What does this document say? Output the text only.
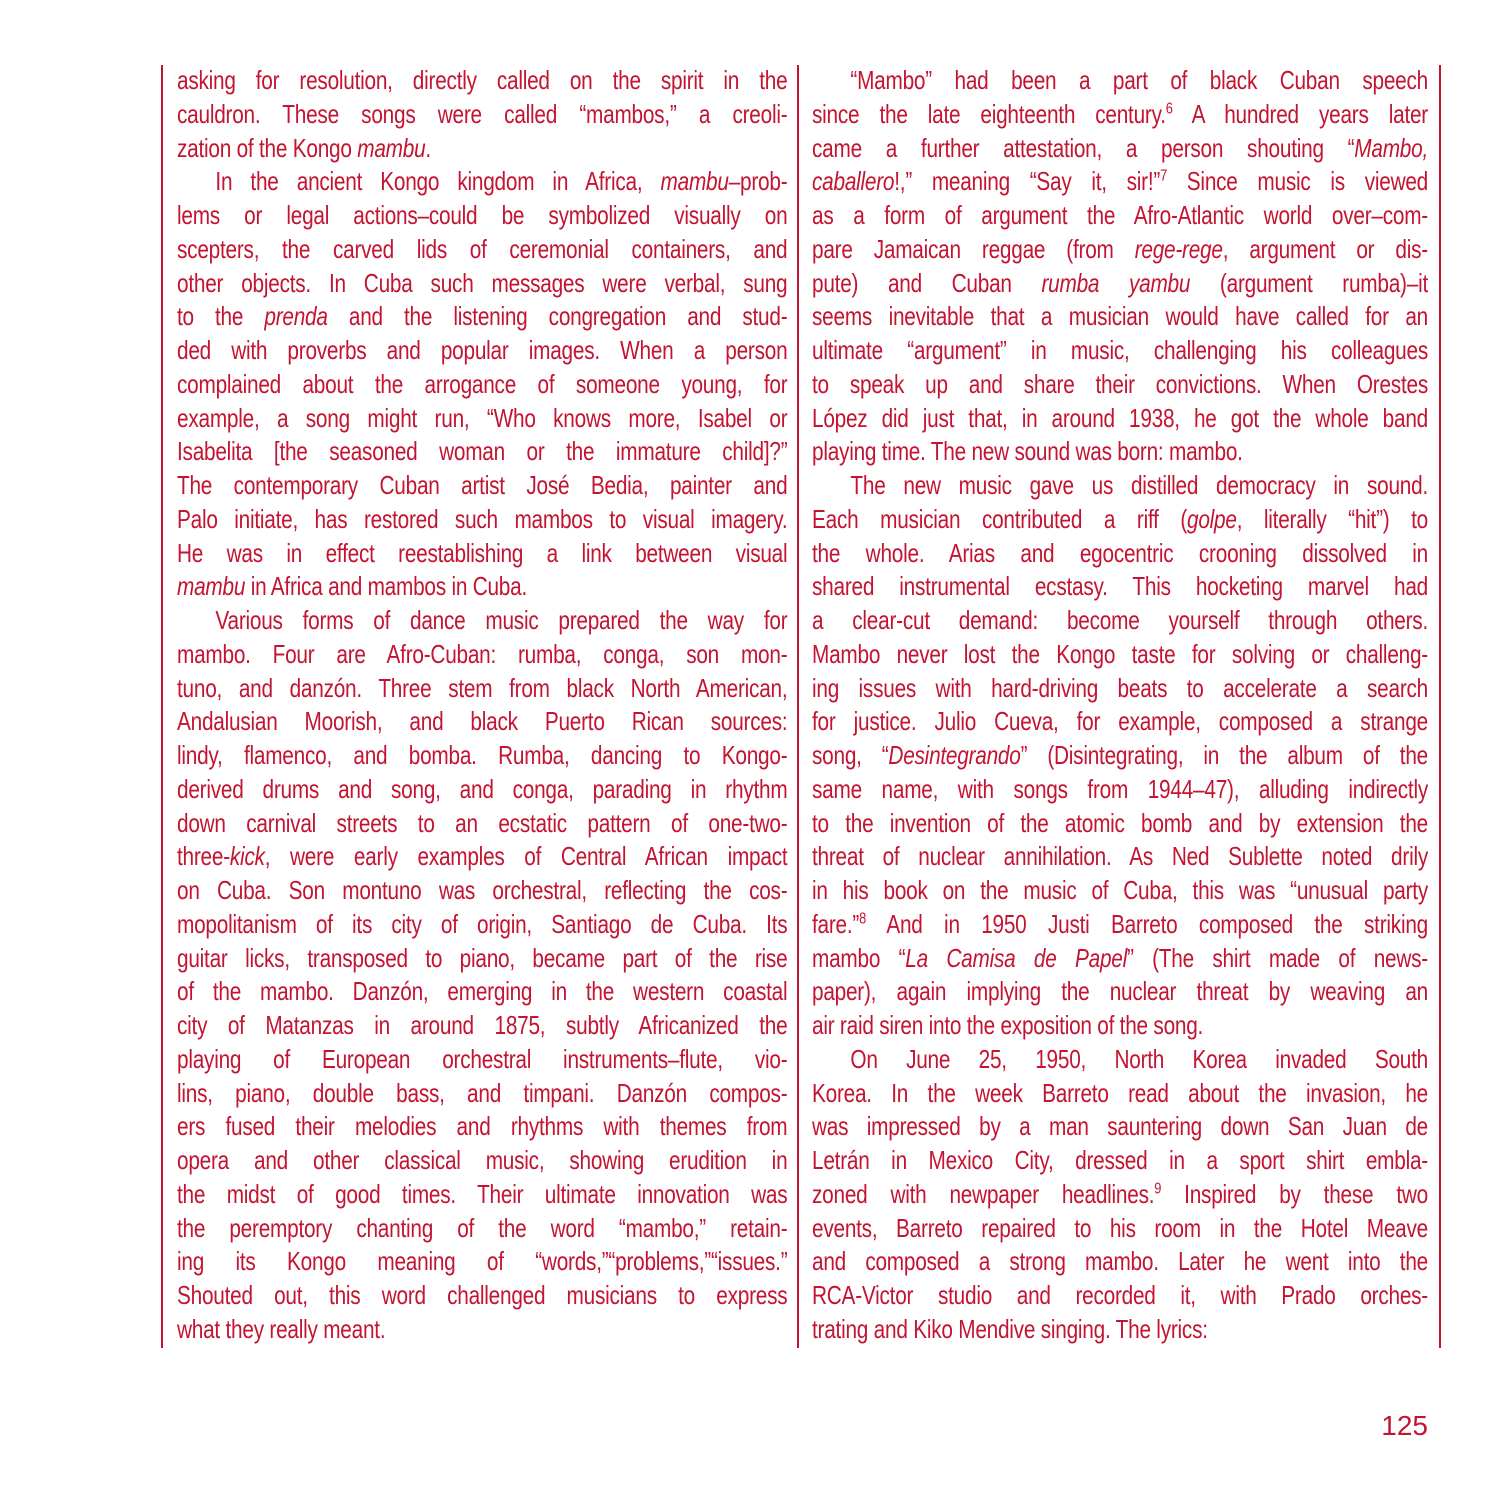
asking for resolution, directly called on the spirit in the
cauldron. These songs were called “mambos,” a creoli-
zation of the Kongo mambu.
In the ancient Kongo kingdom in Africa, mambu–prob-
lems or legal actions–could be symbolized visually on
scepters, the carved lids of ceremonial containers, and
other objects. In Cuba such messages were verbal, sung
to the prenda and the listening congregation and stud-
ded with proverbs and popular images. When a person
complained about the arrogance of someone young, for
example, a song might run, “Who knows more, Isabel or
Isabelita [the seasoned woman or the immature child]?”
The contemporary Cuban artist José Bedia, painter and
Palo initiate, has restored such mambos to visual imagery.
He was in effect reestablishing a link between visual
mambu in Africa and mambos in Cuba.
Various forms of dance music prepared the way for
mambo. Four are Afro-Cuban: rumba, conga, son mon-
tuno, and danzón. Three stem from black North American,
Andalusian Moorish, and black Puerto Rican sources:
lindy, flamenco, and bomba. Rumba, dancing to Kongo-
derived drums and song, and conga, parading in rhythm
down carnival streets to an ecstatic pattern of one-two-
three-kick, were early examples of Central African impact
on Cuba. Son montuno was orchestral, reflecting the cos-
mopolitanism of its city of origin, Santiago de Cuba. Its
guitar licks, transposed to piano, became part of the rise
of the mambo. Danzón, emerging in the western coastal
city of Matanzas in around 1875, subtly Africanized the
playing of European orchestral instruments–flute, vio-
lins, piano, double bass, and timpani. Danzón compos-
ers fused their melodies and rhythms with themes from
opera and other classical music, showing erudition in
the midst of good times. Their ultimate innovation was
the peremptory chanting of the word “mambo,” retain-
ing its Kongo meaning of “words,”“problems,”“issues.”
Shouted out, this word challenged musicians to express
what they really meant.
“Mambo” had been a part of black Cuban speech
since the late eighteenth century.$^6$ A hundred years later
came a further attestation, a person shouting “Mambo,
caballero!,” meaning “Say it, sir!”$^7$ Since music is viewed
as a form of argument the Afro-Atlantic world over–com-
pare Jamaican reggae (from rege-rege, argument or dis-
pute) and Cuban rumba yambu (argument rumba)–it
seems inevitable that a musician would have called for an
ultimate “argument” in music, challenging his colleagues
to speak up and share their convictions. When Orestes
López did just that, in around 1938, he got the whole band
playing time. The new sound was born: mambo.
The new music gave us distilled democracy in sound.
Each musician contributed a riff (golpe, literally “hit”) to
the whole. Arias and egocentric crooning dissolved in
shared instrumental ecstasy. This hocketing marvel had
a clear-cut demand: become yourself through others.
Mambo never lost the Kongo taste for solving or challeng-
ing issues with hard-driving beats to accelerate a search
for justice. Julio Cueva, for example, composed a strange
song, “Desintegrando” (Disintegrating, in the album of the
same name, with songs from 1944–47), alluding indirectly
to the invention of the atomic bomb and by extension the
threat of nuclear annihilation. As Ned Sublette noted drily
in his book on the music of Cuba, this was “unusual party
fare.”$^8$ And in 1950 Justi Barreto composed the striking
mambo “La Camisa de Papel” (The shirt made of news-
paper), again implying the nuclear threat by weaving an
air raid siren into the exposition of the song.
On June 25, 1950, North Korea invaded South
Korea. In the week Barreto read about the invasion, he
was impressed by a man sauntering down San Juan de
Letrán in Mexico City, dressed in a sport shirt embla-
zoned with newpaper headlines.$^9$ Inspired by these two
events, Barreto repaired to his room in the Hotel Meave
and composed a strong mambo. Later he went into the
RCA-Victor studio and recorded it, with Prado orches-
trating and Kiko Mendive singing. The lyrics:
125
